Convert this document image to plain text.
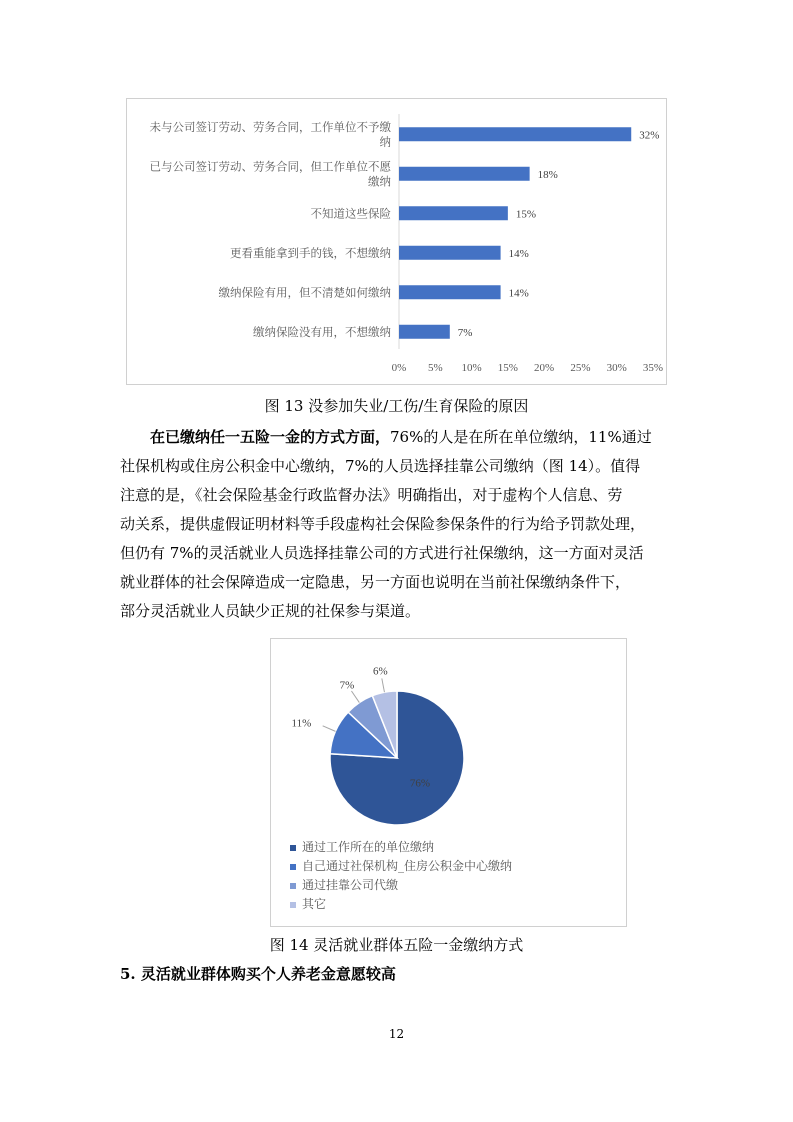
32%
未与公司签订劳动、劳务合同，工作单位不予缴
纳
18%
已与公司签订劳动、劳务合同，但工作单位不愿
缴纳
15%
不知道这些保险
14%
更看重能拿到手的钱，不想缴纳
14%
缴纳保险有用，但不清楚如何缴纳
7%
缴纳保险没有用，不想缴纳
0% 5% 10% 15% 20% 25% 30% 35%
图 13 没参加失业/工伤/生育保险的原因
在已缴纳任一五险一金的方式方面，76%的人是在所在单位缴纳，11%通过
社保机构或住房公积金中心缴纳，7%的人员选择挂靠公司缴纳（图 14）。值得
注意的是，《社会保险基金行政监督办法》明确指出，对于虚构个人信息、劳
动关系，提供虚假证明材料等手段虚构社会保险参保条件的行为给予罚款处理，
但仍有 7%的灵活就业人员选择挂靠公司的方式进行社保缴纳，这一方面对灵活
就业群体的社会保障造成一定隐患，另一方面也说明在当前社保缴纳条件下，
部分灵活就业人员缺少正规的社保参与渠道。
76%
11%
7%
6%
通过工作所在的单位缴纳
自己通过社保机构_住房公积金中心缴纳
通过挂靠公司代缴
其它
图 14 灵活就业群体五险一金缴纳方式
5. 灵活就业群体购买个人养老金意愿较高
12
